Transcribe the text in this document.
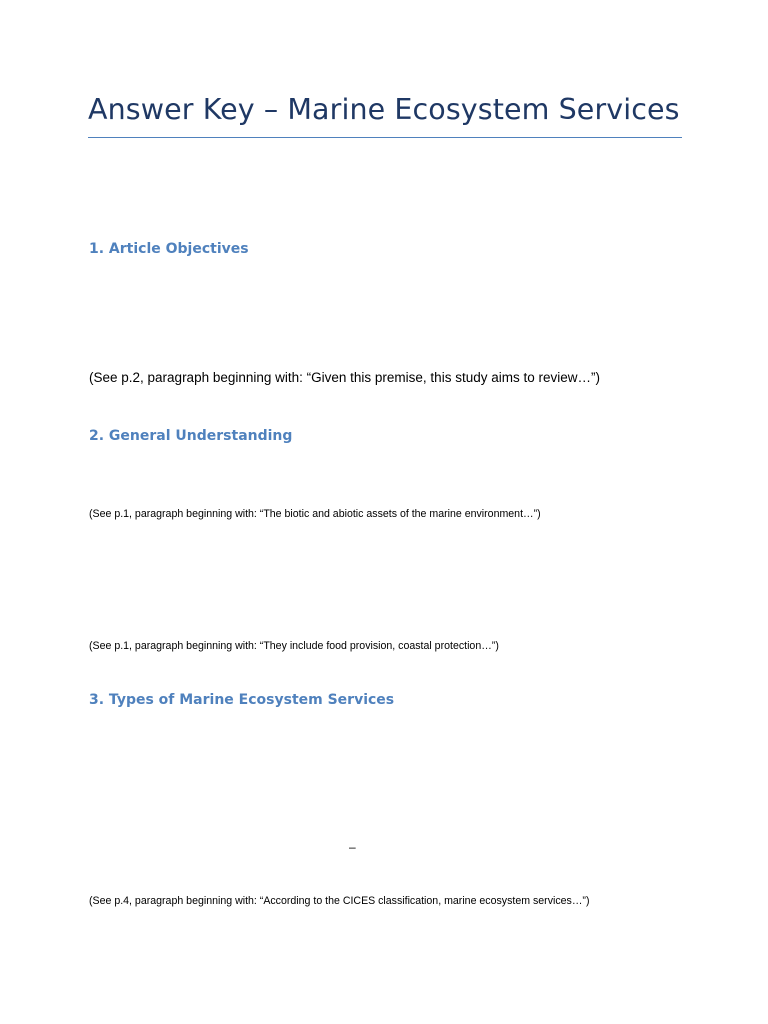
Answer Key – Marine Ecosystem Services
1. Article Objectives

(See p.2, paragraph beginning with: “Given this premise, this study aims to review…”)

2. General Understanding

(See p.1, paragraph beginning with: “The biotic and abiotic assets of the marine environment…”)

(See p.1, paragraph beginning with: “They include food provision, coastal protection…”)

3. Types of Marine Ecosystem Services

–

(See p.4, paragraph beginning with: “According to the CICES classification, marine ecosystem services…”)
